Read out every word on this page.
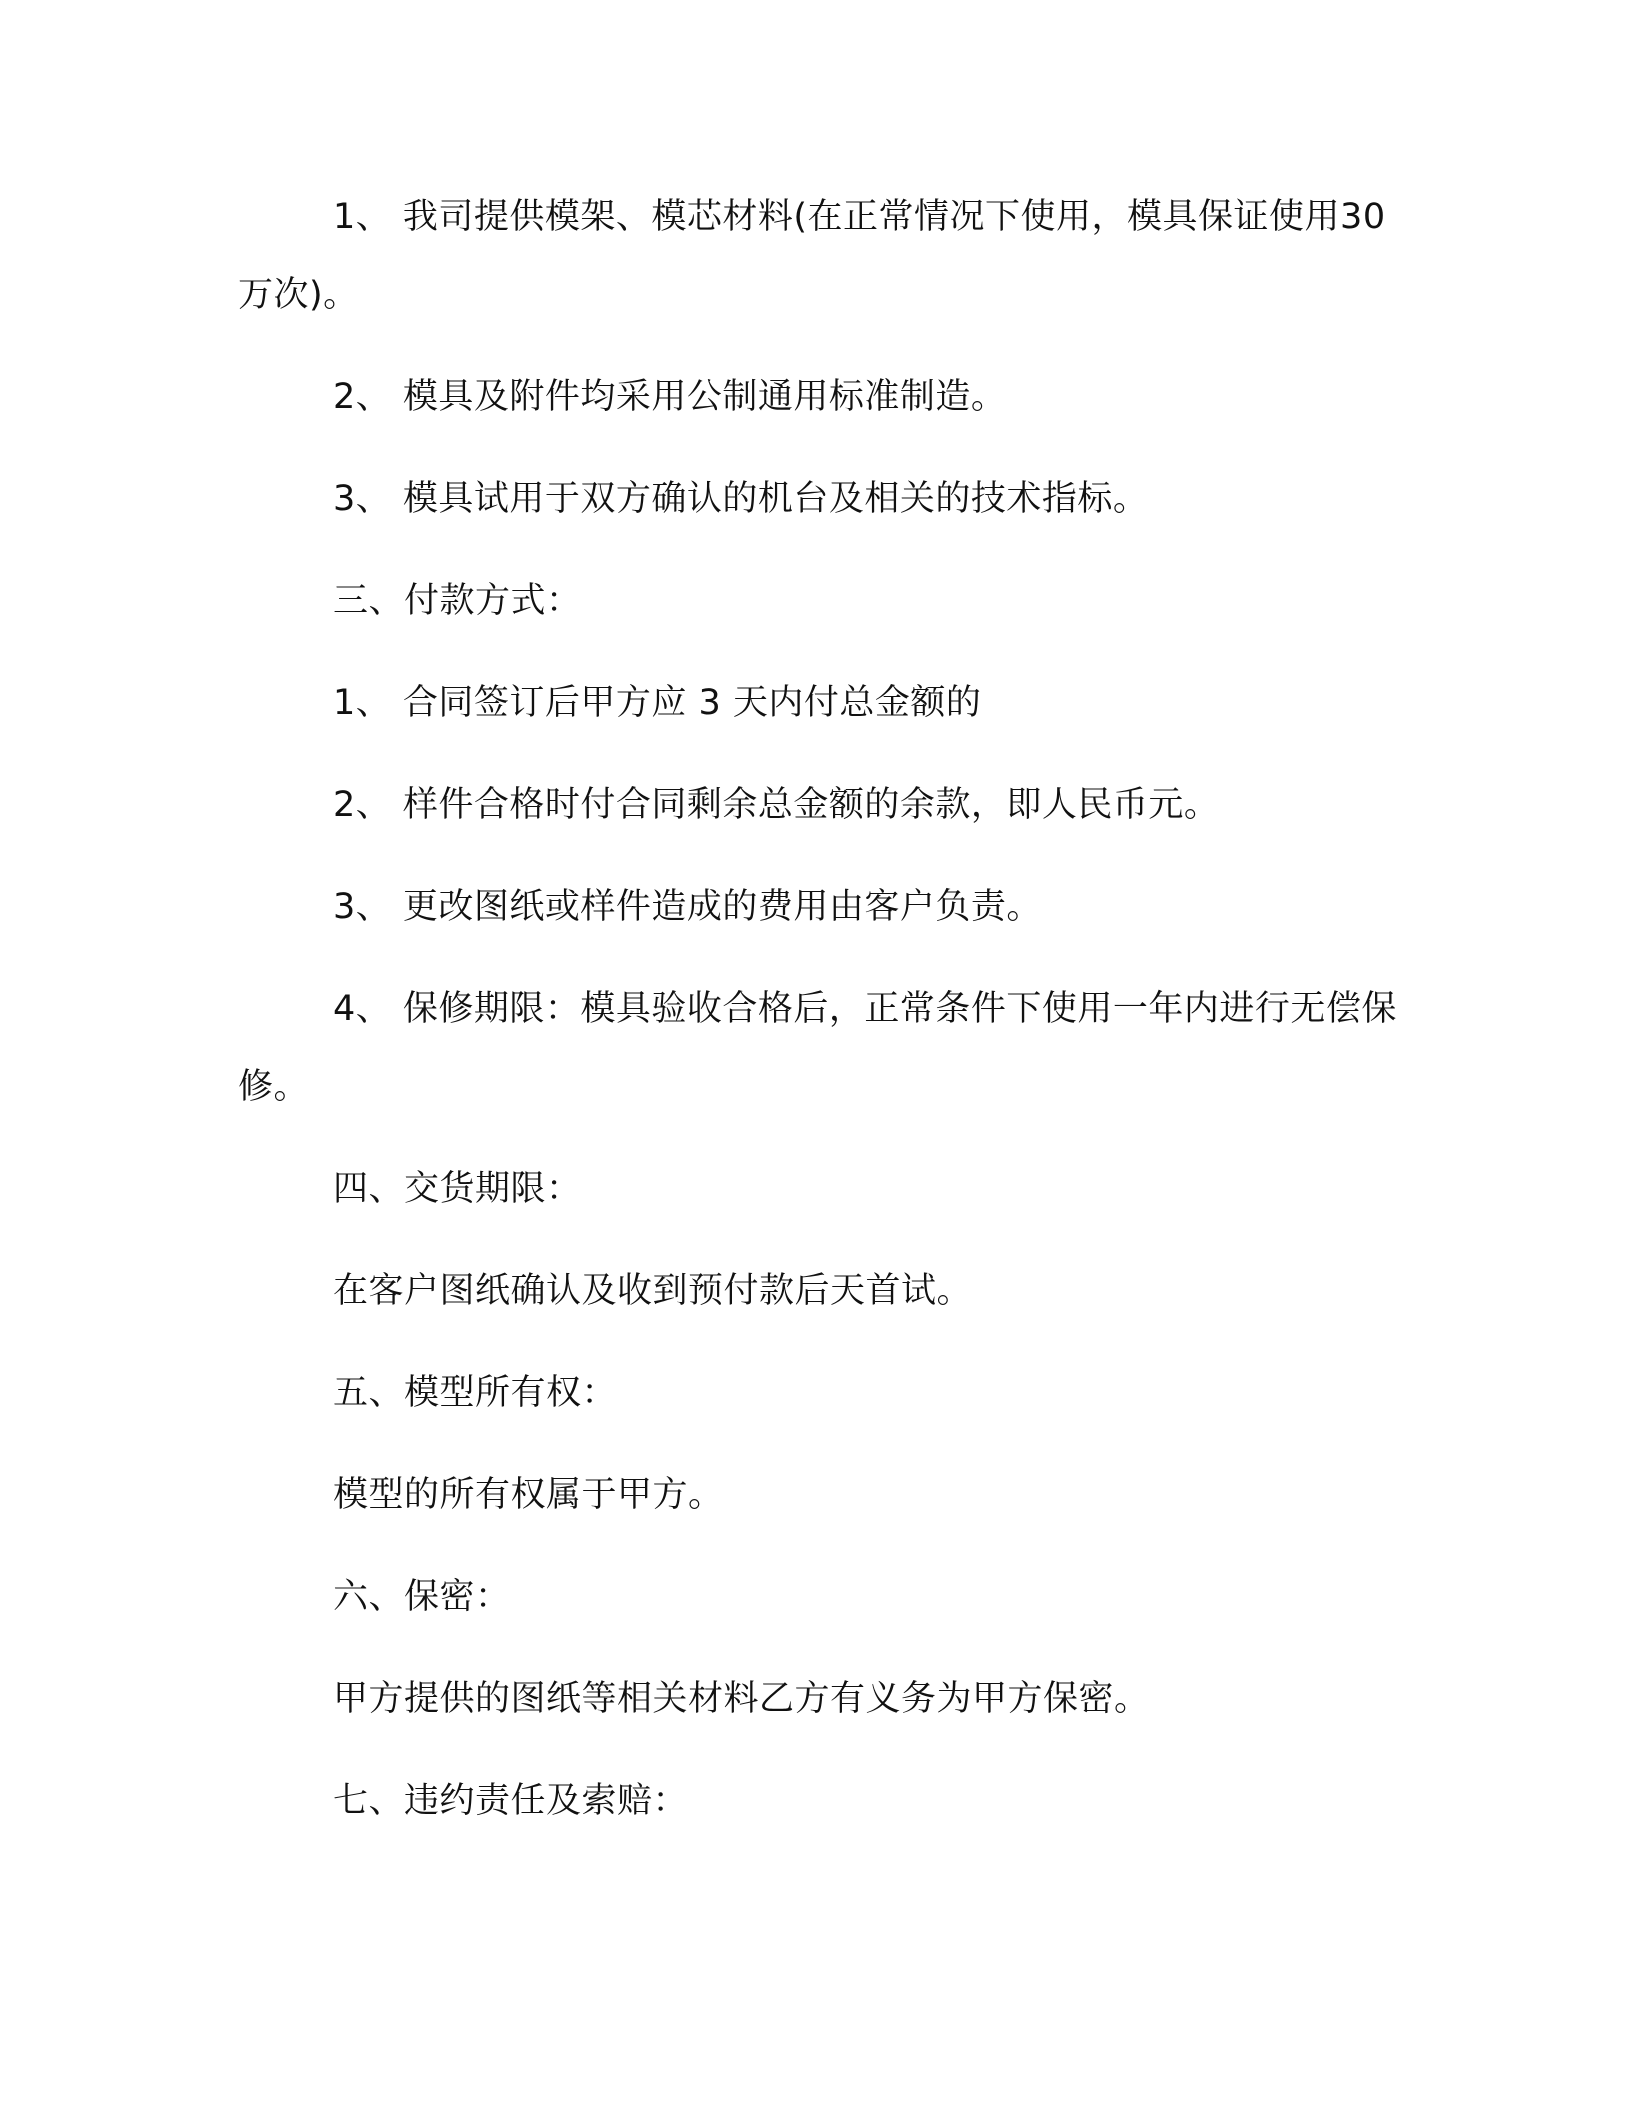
1、 我司提供模架、模芯材料(在正常情况下使用，模具保证使用30 万次)。

2、 模具及附件均采用公制通用标准制造。

3、 模具试用于双方确认的机台及相关的技术指标。

三、付款方式：

1、 合同签订后甲方应 3 天内付总金额的

2、 样件合格时付合同剩余总金额的余款，即人民币元。

3、 更改图纸或样件造成的费用由客户负责。

4、 保修期限：模具验收合格后，正常条件下使用一年内进行无偿保修。

四、交货期限：

在客户图纸确认及收到预付款后天首试。

五、模型所有权：

模型的所有权属于甲方。

六、保密：

甲方提供的图纸等相关材料乙方有义务为甲方保密。

七、违约责任及索赔：
